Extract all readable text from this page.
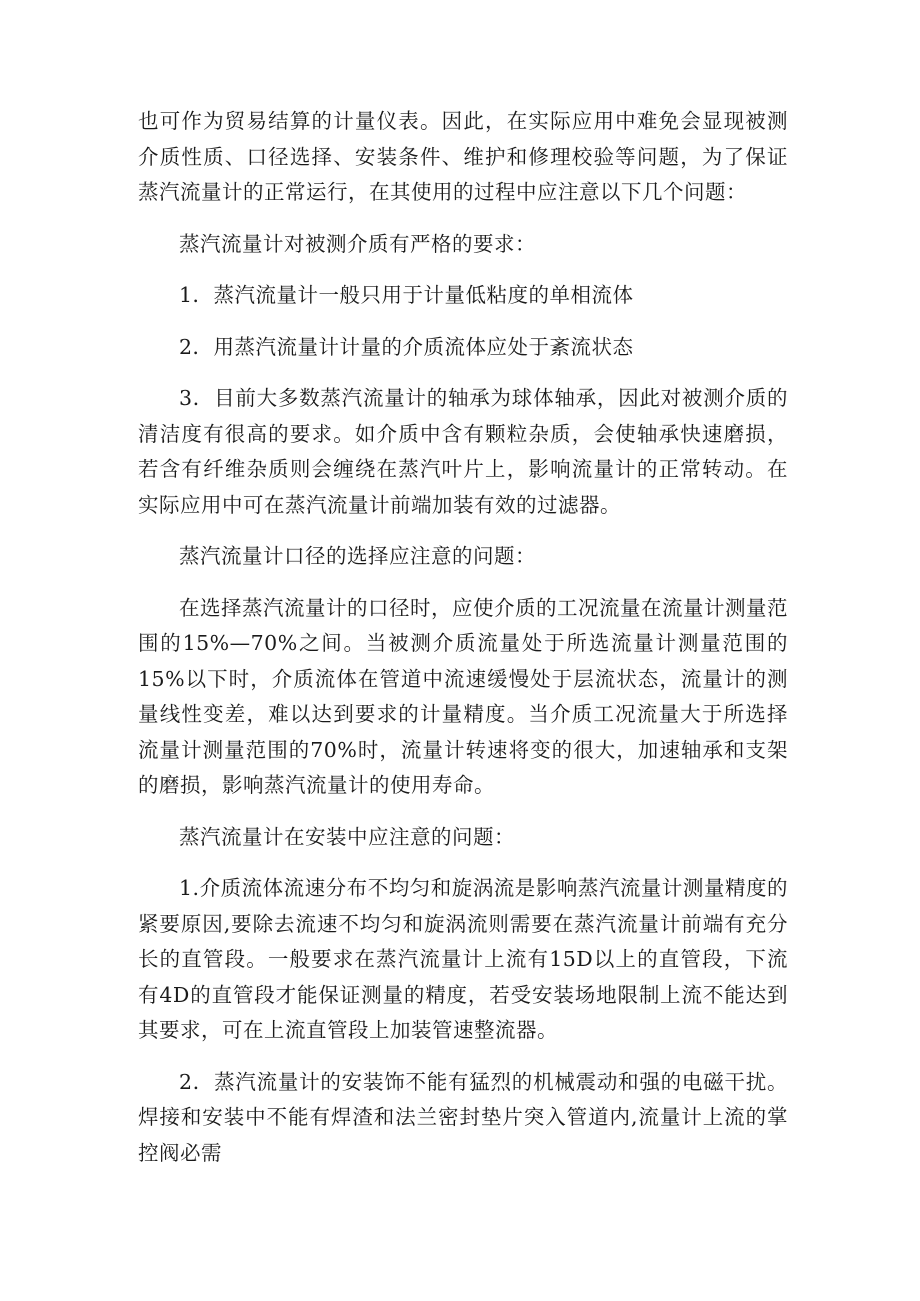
也可作为贸易结算的计量仪表。因此，在实际应用中难免会显现被测介质性质、口径选择、安装条件、维护和修理校验等问题，为了保证蒸汽流量计的正常运行，在其使用的过程中应注意以下几个问题：

蒸汽流量计对被测介质有严格的要求：

1．蒸汽流量计一般只用于计量低粘度的单相流体

2．用蒸汽流量计计量的介质流体应处于紊流状态

3．目前大多数蒸汽流量计的轴承为球体轴承，因此对被测介质的清洁度有很高的要求。如介质中含有颗粒杂质，会使轴承快速磨损，若含有纤维杂质则会缠绕在蒸汽叶片上，影响流量计的正常转动。在实际应用中可在蒸汽流量计前端加装有效的过滤器。

蒸汽流量计口径的选择应注意的问题：

在选择蒸汽流量计的口径时，应使介质的工况流量在流量计测量范围的15%—70%之间。当被测介质流量处于所选流量计测量范围的15%以下时，介质流体在管道中流速缓慢处于层流状态，流量计的测量线性变差，难以达到要求的计量精度。当介质工况流量大于所选择流量计测量范围的70%时，流量计转速将变的很大，加速轴承和支架的磨损，影响蒸汽流量计的使用寿命。

蒸汽流量计在安装中应注意的问题：

1.介质流体流速分布不均匀和旋涡流是影响蒸汽流量计测量精度的紧要原因,要除去流速不均匀和旋涡流则需要在蒸汽流量计前端有充分长的直管段。一般要求在蒸汽流量计上流有15D以上的直管段，下流有4D的直管段才能保证测量的精度，若受安装场地限制上流不能达到其要求，可在上流直管段上加装管速整流器。

2．蒸汽流量计的安装饰不能有猛烈的机械震动和强的电磁干扰。焊接和安装中不能有焊渣和法兰密封垫片突入管道内,流量计上流的掌控阀必需
